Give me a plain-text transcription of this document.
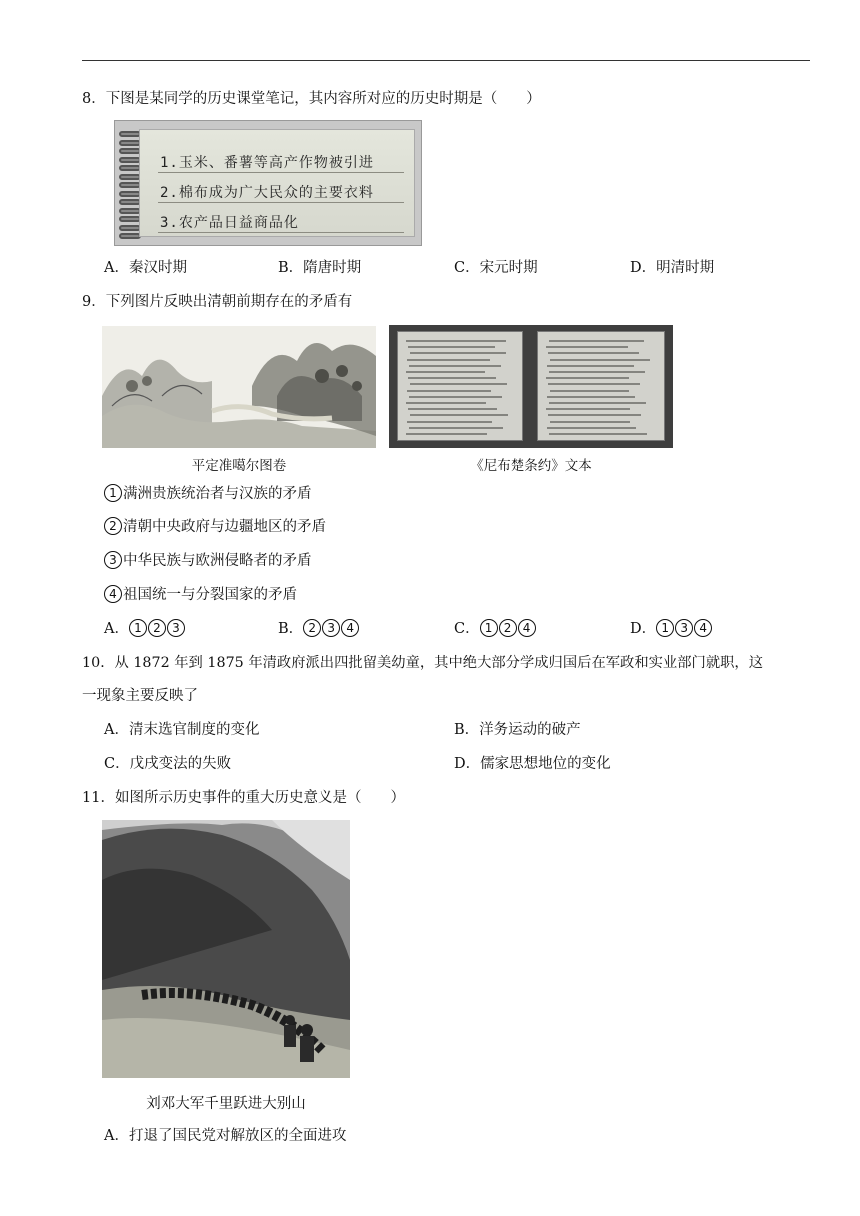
8．下图是某同学的历史课堂笔记，其内容所对应的历史时期是（　　）
1.玉米、番薯等高产作物被引进
2.棉布成为广大民众的主要衣料
3.农产品日益商品化
A．秦汉时期	B．隋唐时期	C．宋元时期	D．明清时期
9．下列图片反映出清朝前期存在的矛盾有
平定准噶尔图卷	《尼布楚条约》文本
1 满洲贵族统治者与汉族的矛盾
2 清朝中央政府与边疆地区的矛盾
3 中华民族与欧洲侵略者的矛盾
4 祖国统一与分裂国家的矛盾
A． 1 2 3	B． 2 3 4	C． 1 2 4	D． 1 3 4
10．从 1872 年到 1875 年清政府派出四批留美幼童，其中绝大部分学成归国后在军政和实业部门就职，这
一现象主要反映了
A．清末选官制度的变化	B．洋务运动的破产
C．戊戌变法的失败	D．儒家思想地位的变化
11．如图所示历史事件的重大历史意义是（　　）
刘邓大军千里跃进大别山
A．打退了国民党对解放区的全面进攻
